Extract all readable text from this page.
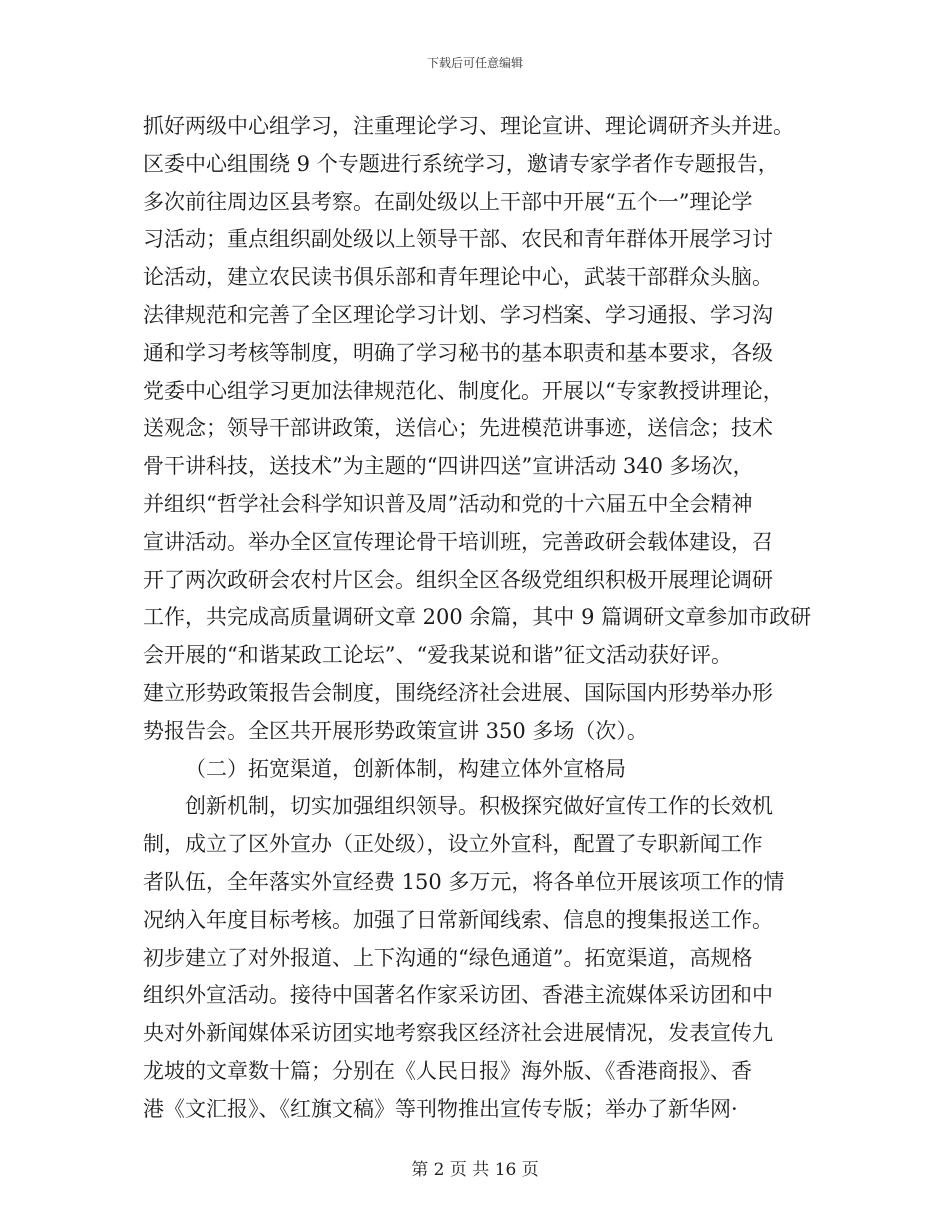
下载后可任意编辑
抓好两级中心组学习，注重理论学习、理论宣讲、理论调研齐头并进。
区委中心组围绕 9 个专题进行系统学习，邀请专家学者作专题报告，
多次前往周边区县考察。在副处级以上干部中开展“五个一”理论学
习活动；重点组织副处级以上领导干部、农民和青年群体开展学习讨
论活动，建立农民读书俱乐部和青年理论中心，武装干部群众头脑。
法律规范和完善了全区理论学习计划、学习档案、学习通报、学习沟
通和学习考核等制度，明确了学习秘书的基本职责和基本要求，各级
党委中心组学习更加法律规范化、制度化。开展以“专家教授讲理论，
送观念；领导干部讲政策，送信心；先进模范讲事迹，送信念；技术
骨干讲科技，送技术”为主题的“四讲四送”宣讲活动 340 多场次，
并组织“哲学社会科学知识普及周”活动和党的十六届五中全会精神
宣讲活动。举办全区宣传理论骨干培训班，完善政研会载体建设，召
开了两次政研会农村片区会。组织全区各级党组织积极开展理论调研
工作，共完成高质量调研文章 200 余篇，其中 9 篇调研文章参加市政研
会开展的“和谐某政工论坛”、“爱我某说和谐”征文活动获好评。
建立形势政策报告会制度，围绕经济社会进展、国际国内形势举办形
势报告会。全区共开展形势政策宣讲 350 多场（次）。
（二）拓宽渠道，创新体制，构建立体外宣格局
创新机制，切实加强组织领导。积极探究做好宣传工作的长效机
制，成立了区外宣办（正处级），设立外宣科，配置了专职新闻工作
者队伍，全年落实外宣经费 150 多万元，将各单位开展该项工作的情
况纳入年度目标考核。加强了日常新闻线索、信息的搜集报送工作。
初步建立了对外报道、上下沟通的“绿色通道”。拓宽渠道，高规格
组织外宣活动。接待中国著名作家采访团、香港主流媒体采访团和中
央对外新闻媒体采访团实地考察我区经济社会进展情况，发表宣传九
龙坡的文章数十篇；分别在《人民日报》海外版、《香港商报》、香
港《文汇报》、《红旗文稿》等刊物推出宣传专版；举办了新华网·
第 2 页 共 16 页
